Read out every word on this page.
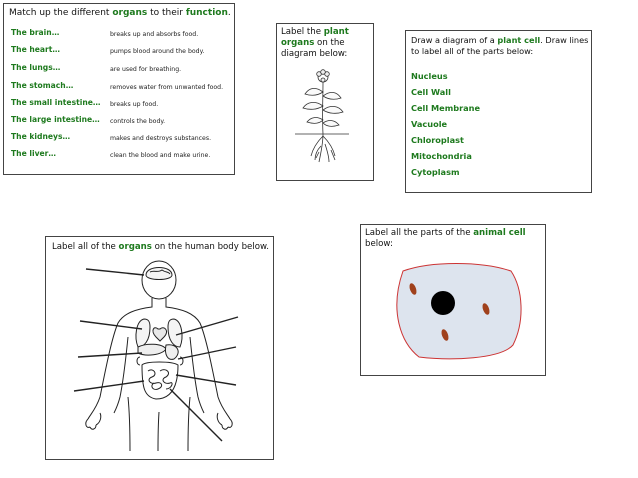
Match up the different organs to their function.
The brain…	breaks up and absorbs food.
The heart…	pumps blood around the body.
The lungs…	are used for breathing.
The stomach…	removes water from unwanted food.
The small intestine… breaks up food.
The large intestine… controls the body.
The kidneys…	makes and destroys substances.
The liver…	clean the blood and make urine.
Label the plant organs on the diagram below:
Draw a diagram of a plant cell. Draw lines to label all of the parts below:
Nucleus
Cell Wall
Cell Membrane
Vacuole
Chloroplast
Mitochondria
Cytoplasm
Label all of the organs on the human body below.
Label all the parts of the animal cell below:
